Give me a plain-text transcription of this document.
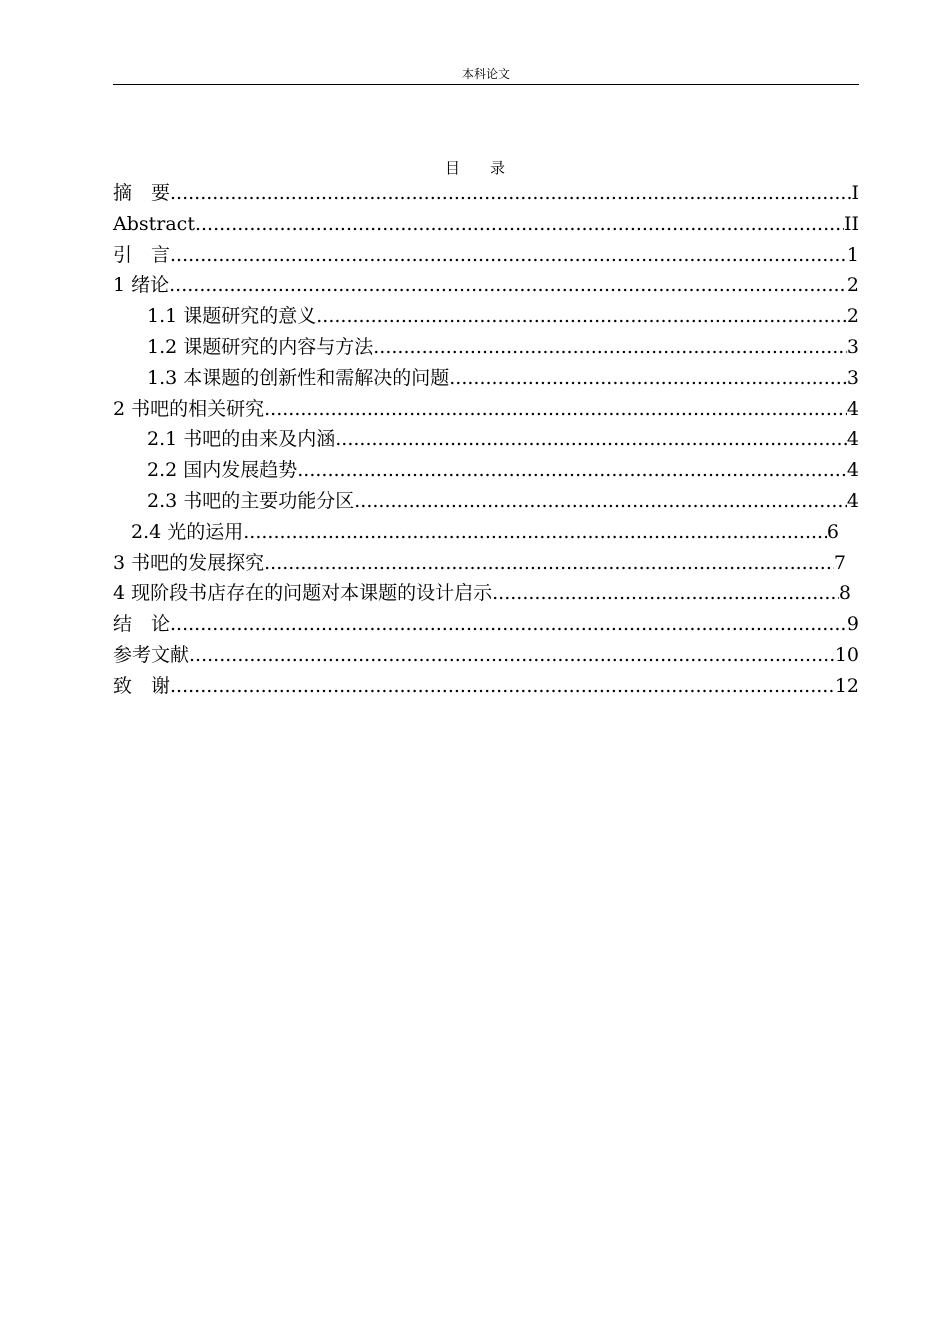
本科论文
目 录
摘　要 .....	I
Abstract .....	II
引　言 .....	1
1 绪论 .....	2
1.1 课题研究的意义 .....	2
1.2 课题研究的内容与方法 .....	3
1.3 本课题的创新性和需解决的问题 .....	3
2 书吧的相关研究 .....	4
2.1 书吧的由来及内涵 .....	4
2.2 国内发展趋势 .....	4
2.3 书吧的主要功能分区 .....	4
2.4 光的运用 .....	6
3 书吧的发展探究 .....	7
4 现阶段书店存在的问题对本课题的设计启示 .....	8
结　论 .....	9
参考文献 .....	10
致　谢 .....	12
